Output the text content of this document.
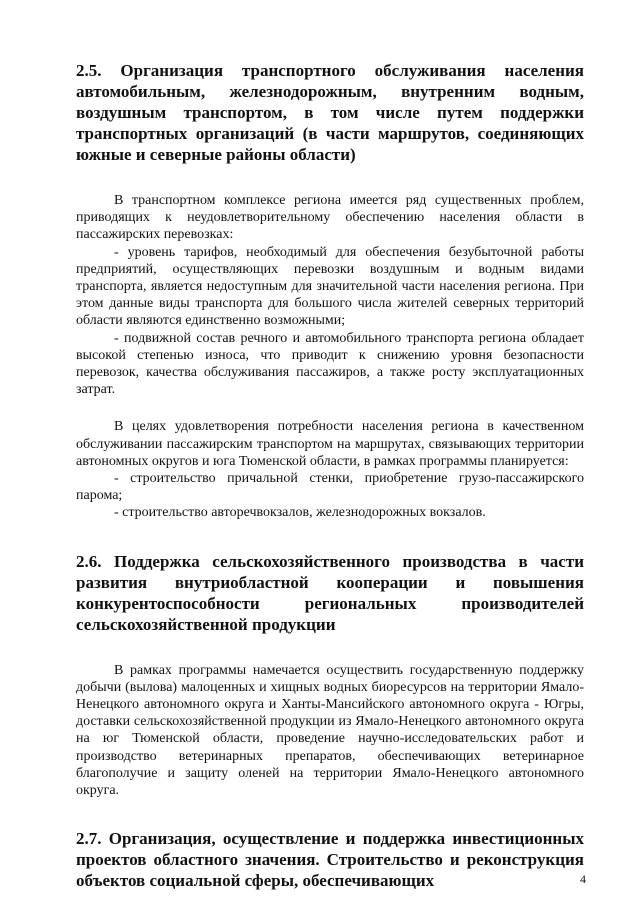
2.5. Организация транспортного обслуживания населения автомобильным, железнодорожным, внутренним водным, воздушным транспортом, в том числе путем поддержки транспортных организаций (в части маршрутов, соединяющих южные и северные районы области)

В транспортном комплексе региона имеется ряд существенных проблем, приводящих к неудовлетворительному обеспечению населения области в пассажирских перевозках:

- уровень тарифов, необходимый для обеспечения безубыточной работы предприятий, осуществляющих перевозки воздушным и водным видами транспорта, является недоступным для значительной части населения региона. При этом данные виды транспорта для большого числа жителей северных территорий области являются единственно возможными;

- подвижной состав речного и автомобильного транспорта региона обладает высокой степенью износа, что приводит к снижению уровня безопасности перевозок, качества обслуживания пассажиров, а также росту эксплуатационных затрат.

В целях удовлетворения потребности населения региона в качественном обслуживании пассажирским транспортом на маршрутах, связывающих территории автономных округов и юга Тюменской области, в рамках программы планируется:

- строительство причальной стенки, приобретение грузо-пассажирского парома;

- строительство авторечвокзалов, железнодорожных вокзалов.

2.6. Поддержка сельскохозяйственного производства в части развития внутриобластной кооперации и повышения конкурентоспособности региональных производителей сельскохозяйственной продукции

В рамках программы намечается осуществить государственную поддержку добычи (вылова) малоценных и хищных водных биоресурсов на территории Ямало-Ненецкого автономного округа и Ханты-Мансийского автономного округа - Югры, доставки сельскохозяйственной продукции из Ямало-Ненецкого автономного округа на юг Тюменской области, проведение научно-исследовательских работ и производство ветеринарных препаратов, обеспечивающих ветеринарное благополучие и защиту оленей на территории Ямало-Ненецкого автономного округа.

2.7. Организация, осуществление и поддержка инвестиционных проектов областного значения. Строительство и реконструкция объектов социальной сферы, обеспечивающих	4
